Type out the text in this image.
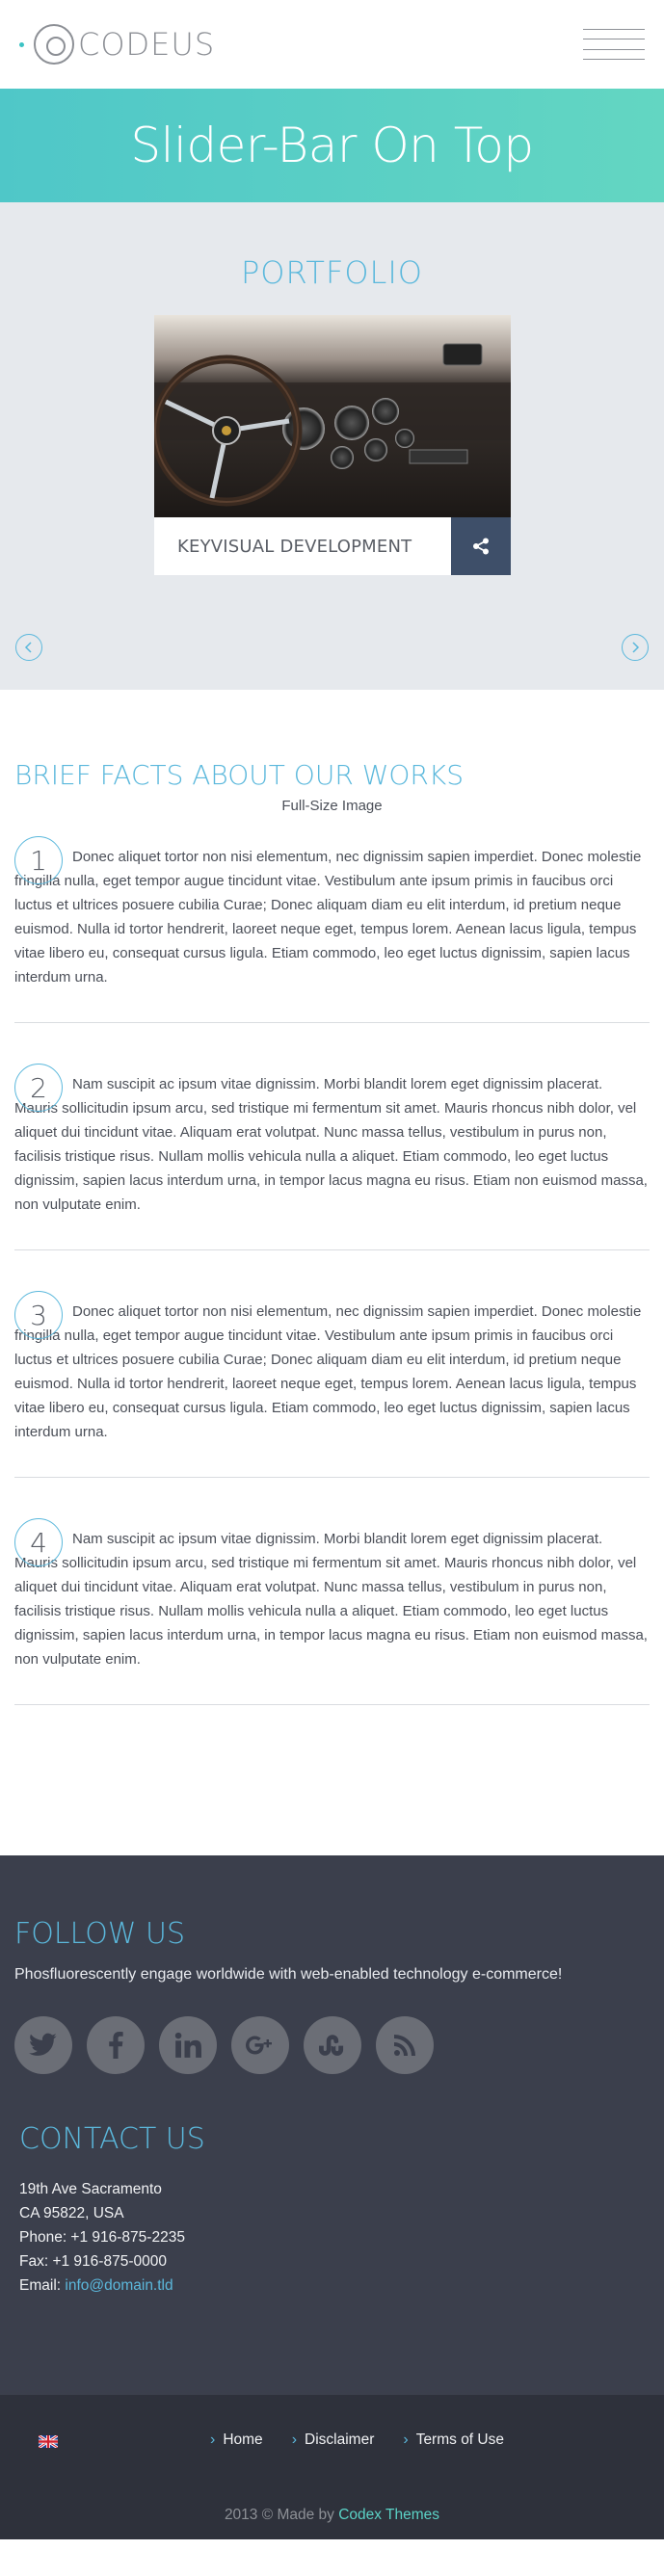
CODEUS
Slider-Bar On Top
PORTFOLIO
KEYVISUAL DEVELOPMENT
Full-Size Image
BRIEF FACTS ABOUT OUR WORKS
1	Donec aliquet tortor non nisi elementum, nec dignissim sapien imperdiet. Donec molestie fringilla nulla, eget tempor augue tincidunt vitae. Vestibulum ante ipsum primis in faucibus orci luctus et ultrices posuere cubilia Curae; Donec aliquam diam eu elit interdum, id pretium neque euismod. Nulla id tortor hendrerit, laoreet neque eget, tempus lorem. Aenean lacus ligula, tempus vitae libero eu, consequat cursus ligula. Etiam commodo, leo eget luctus dignissim, sapien lacus interdum urna.

2	Nam suscipit ac ipsum vitae dignissim. Morbi blandit lorem eget dignissim placerat. Mauris sollicitudin ipsum arcu, sed tristique mi fermentum sit amet. Mauris rhoncus nibh dolor, vel aliquet dui tincidunt vitae. Aliquam erat volutpat. Nunc massa tellus, vestibulum in purus non, facilisis tristique risus. Nullam mollis vehicula nulla a aliquet. Etiam commodo, leo eget luctus dignissim, sapien lacus interdum urna, in tempor lacus magna eu risus. Etiam non euismod massa, non vulputate enim.

3	Donec aliquet tortor non nisi elementum, nec dignissim sapien imperdiet. Donec molestie fringilla nulla, eget tempor augue tincidunt vitae. Vestibulum ante ipsum primis in faucibus orci luctus et ultrices posuere cubilia Curae; Donec aliquam diam eu elit interdum, id pretium neque euismod. Nulla id tortor hendrerit, laoreet neque eget, tempus lorem. Aenean lacus ligula, tempus vitae libero eu, consequat cursus ligula. Etiam commodo, leo eget luctus dignissim, sapien lacus interdum urna.

4	Nam suscipit ac ipsum vitae dignissim. Morbi blandit lorem eget dignissim placerat. Mauris sollicitudin ipsum arcu, sed tristique mi fermentum sit amet. Mauris rhoncus nibh dolor, vel aliquet dui tincidunt vitae. Aliquam erat volutpat. Nunc massa tellus, vestibulum in purus non, facilisis tristique risus. Nullam mollis vehicula nulla a aliquet. Etiam commodo, leo eget luctus dignissim, sapien lacus interdum urna, in tempor lacus magna eu risus. Etiam non euismod massa, non vulputate enim.

FOLLOW US

Phosfluorescently engage worldwide with web-enabled technology e-commerce!

CONTACT US
19th Ave Sacramento
CA 95822, USA
Phone: +1 916-875-2235
Fax: +1 916-875-0000
Email: info@domain.tld
› Home › Disclaimer › Terms of Use
2013 © Made by Codex Themes
